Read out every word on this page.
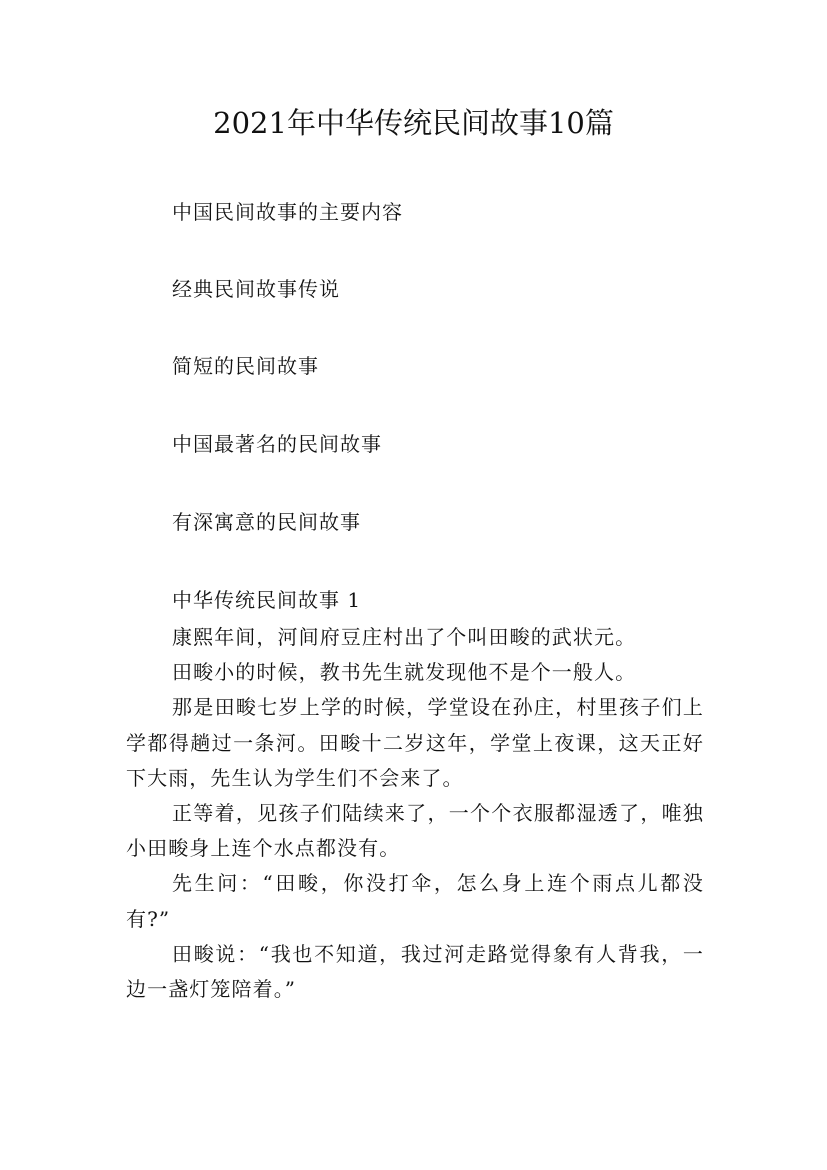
2021年中华传统民间故事10篇
中国民间故事的主要内容
经典民间故事传说
简短的民间故事
中国最著名的民间故事
有深寓意的民间故事
中华传统民间故事 1

康熙年间，河间府豆庄村出了个叫田畯的武状元。

田畯小的时候，教书先生就发现他不是个一般人。

那是田畯七岁上学的时候，学堂设在孙庄，村里孩子们上学都得趟过一条河。田畯十二岁这年，学堂上夜课，这天正好下大雨，先生认为学生们不会来了。

正等着，见孩子们陆续来了，一个个衣服都湿透了，唯独小田畯身上连个水点都没有。

先生问：“田畯，你没打伞，怎么身上连个雨点儿都没有?”

田畯说：“我也不知道，我过河走路觉得象有人背我，一边一盏灯笼陪着。”
